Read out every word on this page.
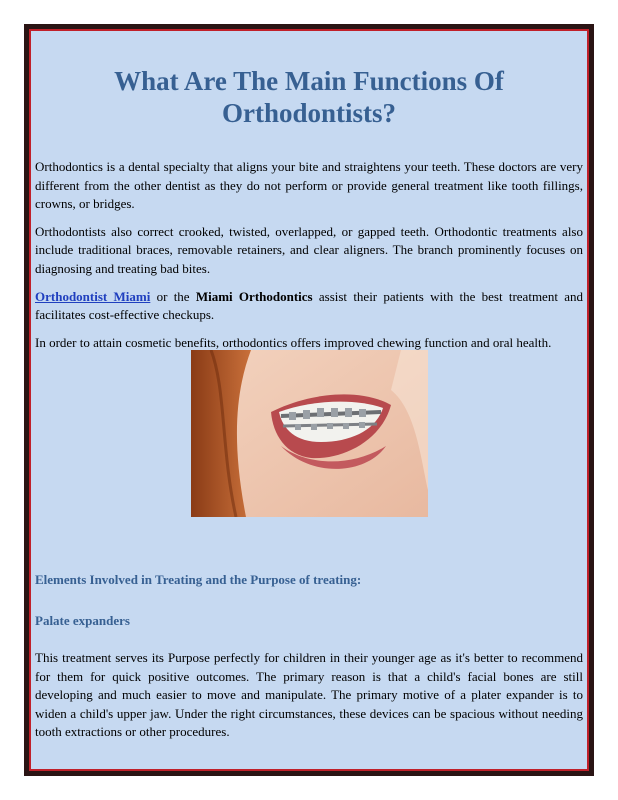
What Are The Main Functions Of Orthodontists?

Orthodontics is a dental specialty that aligns your bite and straightens your teeth. These doctors are very different from the other dentist as they do not perform or provide general treatment like tooth fillings, crowns, or bridges.

Orthodontists also correct crooked, twisted, overlapped, or gapped teeth. Orthodontic treatments also include traditional braces, removable retainers, and clear aligners. The branch prominently focuses on diagnosing and treating bad bites.

Orthodontist Miami or the Miami Orthodontics assist their patients with the best treatment and facilitates cost-effective checkups.

In order to attain cosmetic benefits, orthodontics offers improved chewing function and oral health.

Elements Involved in Treating and the Purpose of treating:
Palate expanders

This treatment serves its Purpose perfectly for children in their younger age as it's better to recommend for them for quick positive outcomes. The primary reason is that a child's facial bones are still developing and much easier to move and manipulate. The primary motive of a plater expander is to widen a child's upper jaw. Under the right circumstances, these devices can be spacious without needing tooth extractions or other procedures.
